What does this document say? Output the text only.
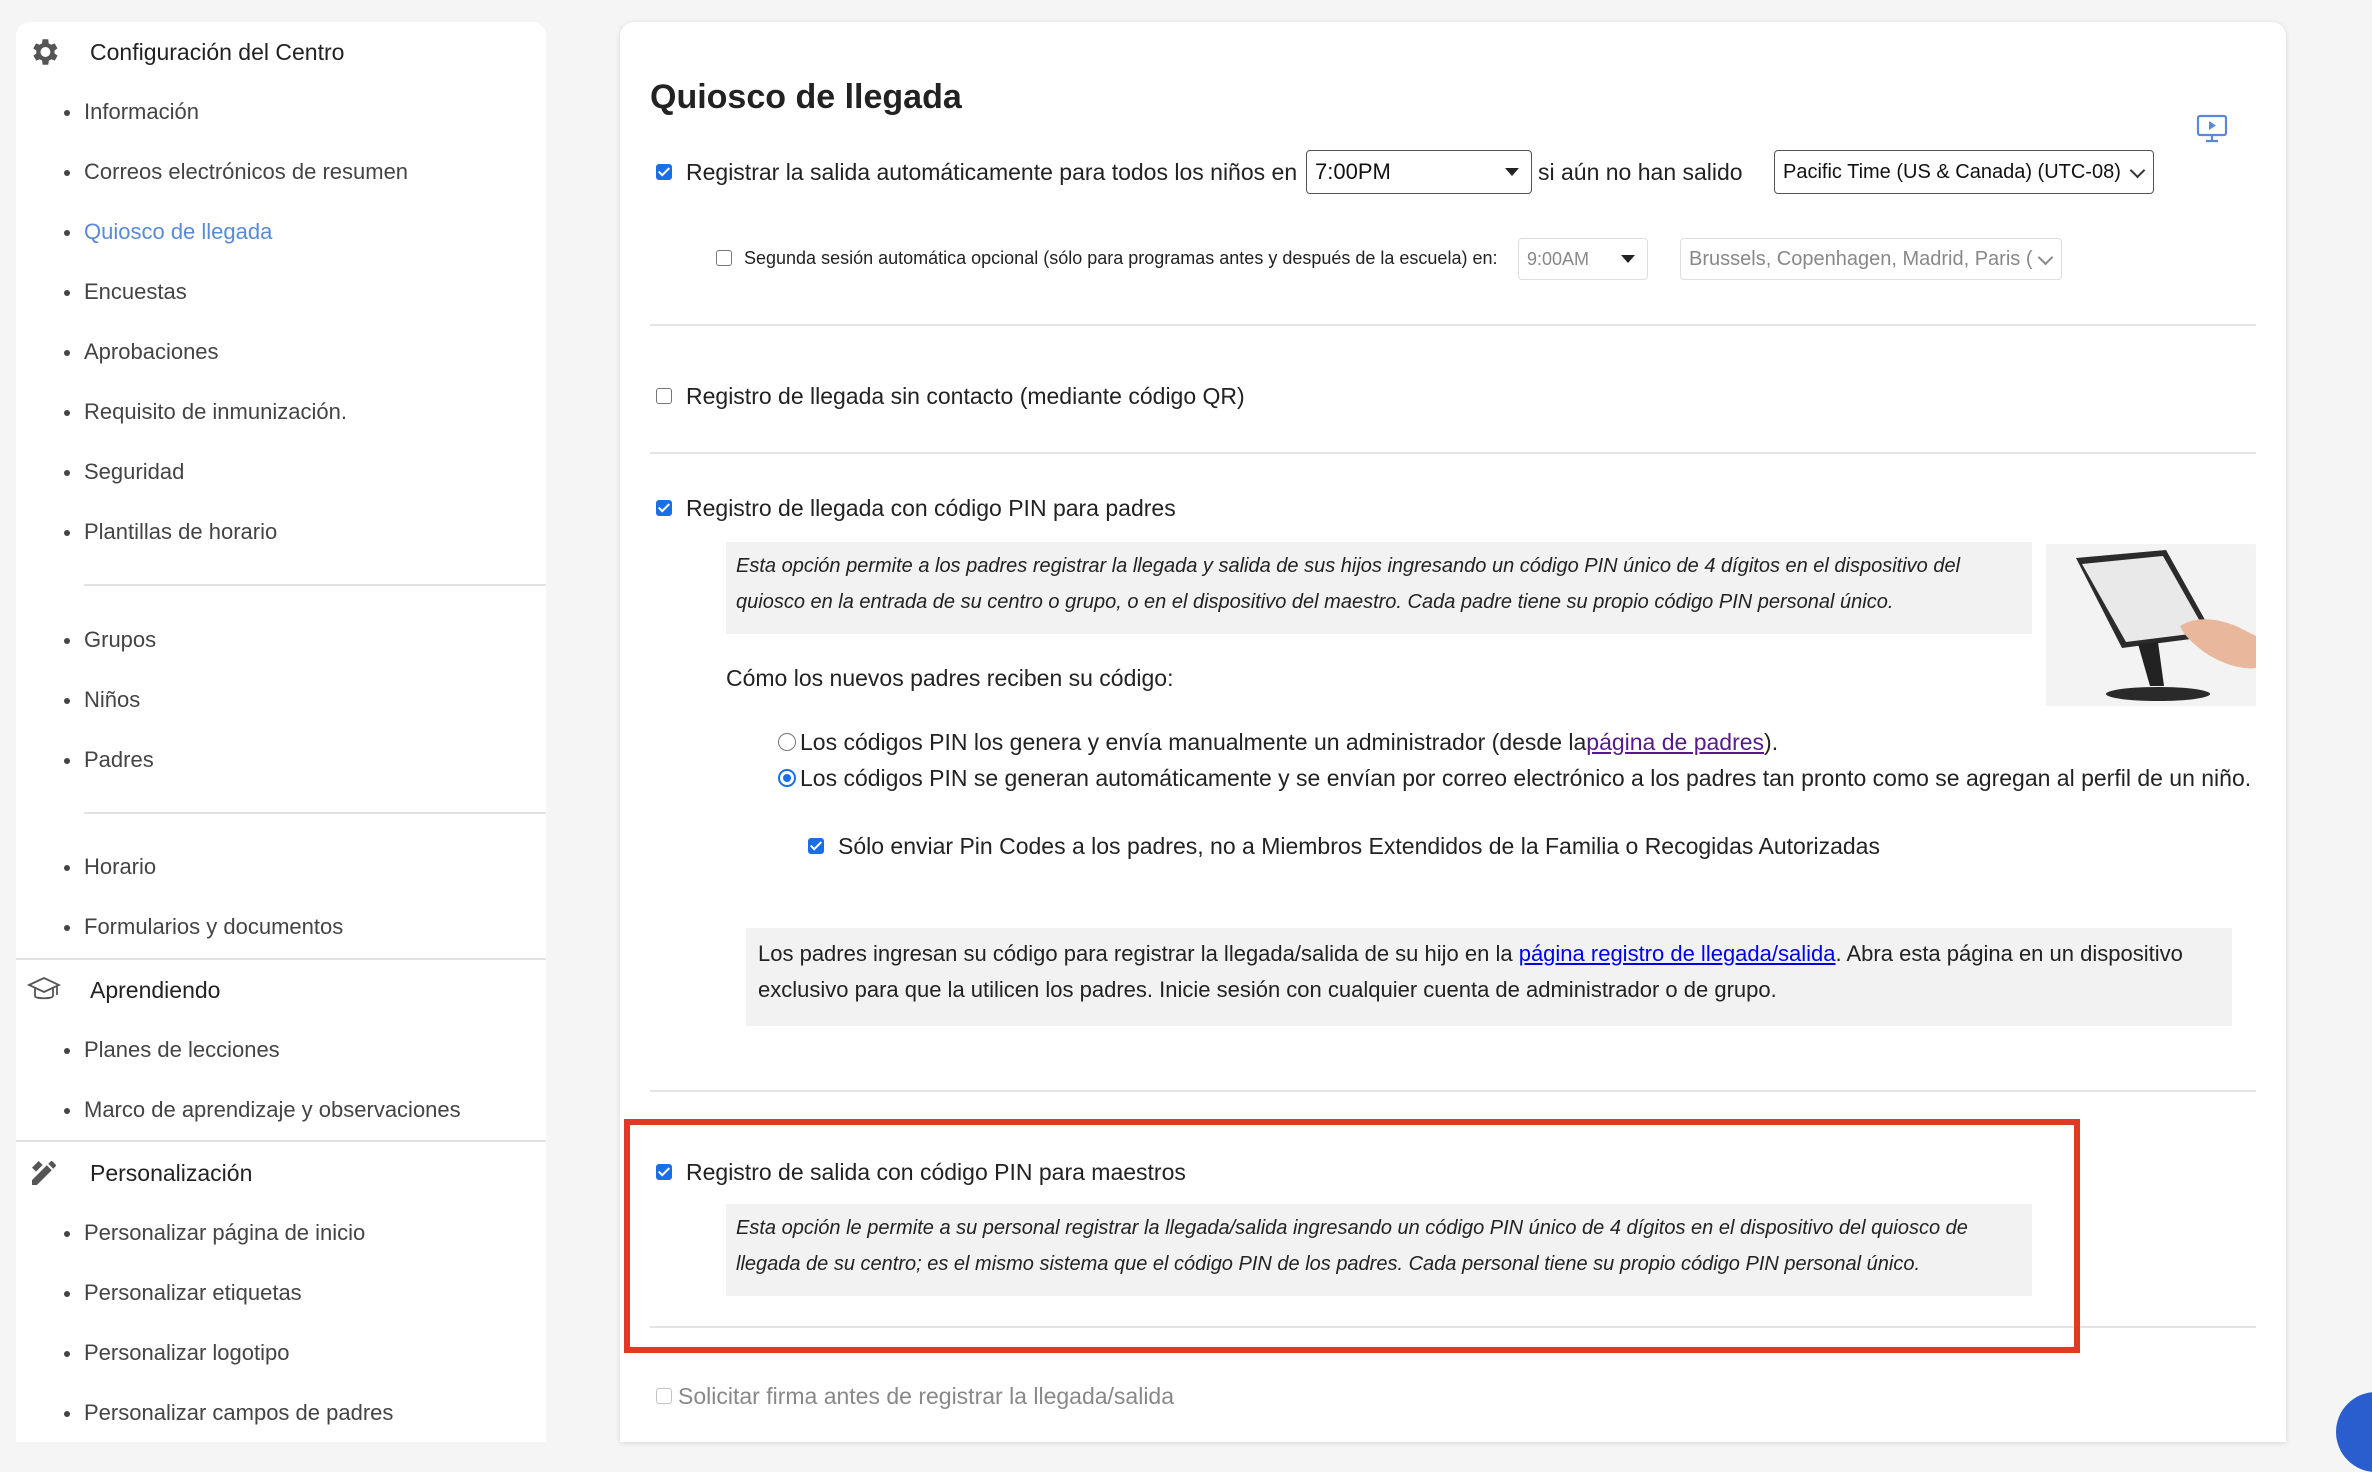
Configuración del Centro
Información
Correos electrónicos de resumen
Quiosco de llegada
Encuestas
Aprobaciones
Requisito de inmunización.
Seguridad
Plantillas de horario
Grupos
Niños
Padres
Horario
Formularios y documentos
Aprendiendo
Planes de lecciones
Marco de aprendizaje y observaciones
Personalización
Personalizar página de inicio
Personalizar etiquetas
Personalizar logotipo
Personalizar campos de padres
Quiosco de llegada
Registrar la salida automáticamente para todos los niños en 7:00PM	si aún no han salido Pacific Time (US & Canada) (UTC-08)
Segunda sesión automática opcional (sólo para programas antes y después de la escuela) en: 9:00AM	Brussels, Copenhagen, Madrid, Paris (
Registro de llegada sin contacto (mediante código QR)
Registro de llegada con código PIN para padres
Esta opción permite a los padres registrar la llegada y salida de sus hijos ingresando un código PIN único de 4 dígitos en el dispositivo del
quiosco en la entrada de su centro o grupo, o en el dispositivo del maestro. Cada padre tiene su propio código PIN personal único.
Cómo los nuevos padres reciben su código:
Los códigos PIN los genera y envía manualmente un administrador (desde la página de padres ).
Los códigos PIN se generan automáticamente y se envían por correo electrónico a los padres tan pronto como se agregan al perfil de un niño.
Sólo enviar Pin Codes a los padres, no a Miembros Extendidos de la Familia o Recogidas Autorizadas
Los padres ingresan su código para registrar la llegada/salida de su hijo en la página registro de llegada/salida. Abra esta página en un dispositivo
exclusivo para que la utilicen los padres. Inicie sesión con cualquier cuenta de administrador o de grupo.
Registro de salida con código PIN para maestros
Esta opción le permite a su personal registrar la llegada/salida ingresando un código PIN único de 4 dígitos en el dispositivo del quiosco de
llegada de su centro; es el mismo sistema que el código PIN de los padres. Cada personal tiene su propio código PIN personal único.
Solicitar firma antes de registrar la llegada/salida
